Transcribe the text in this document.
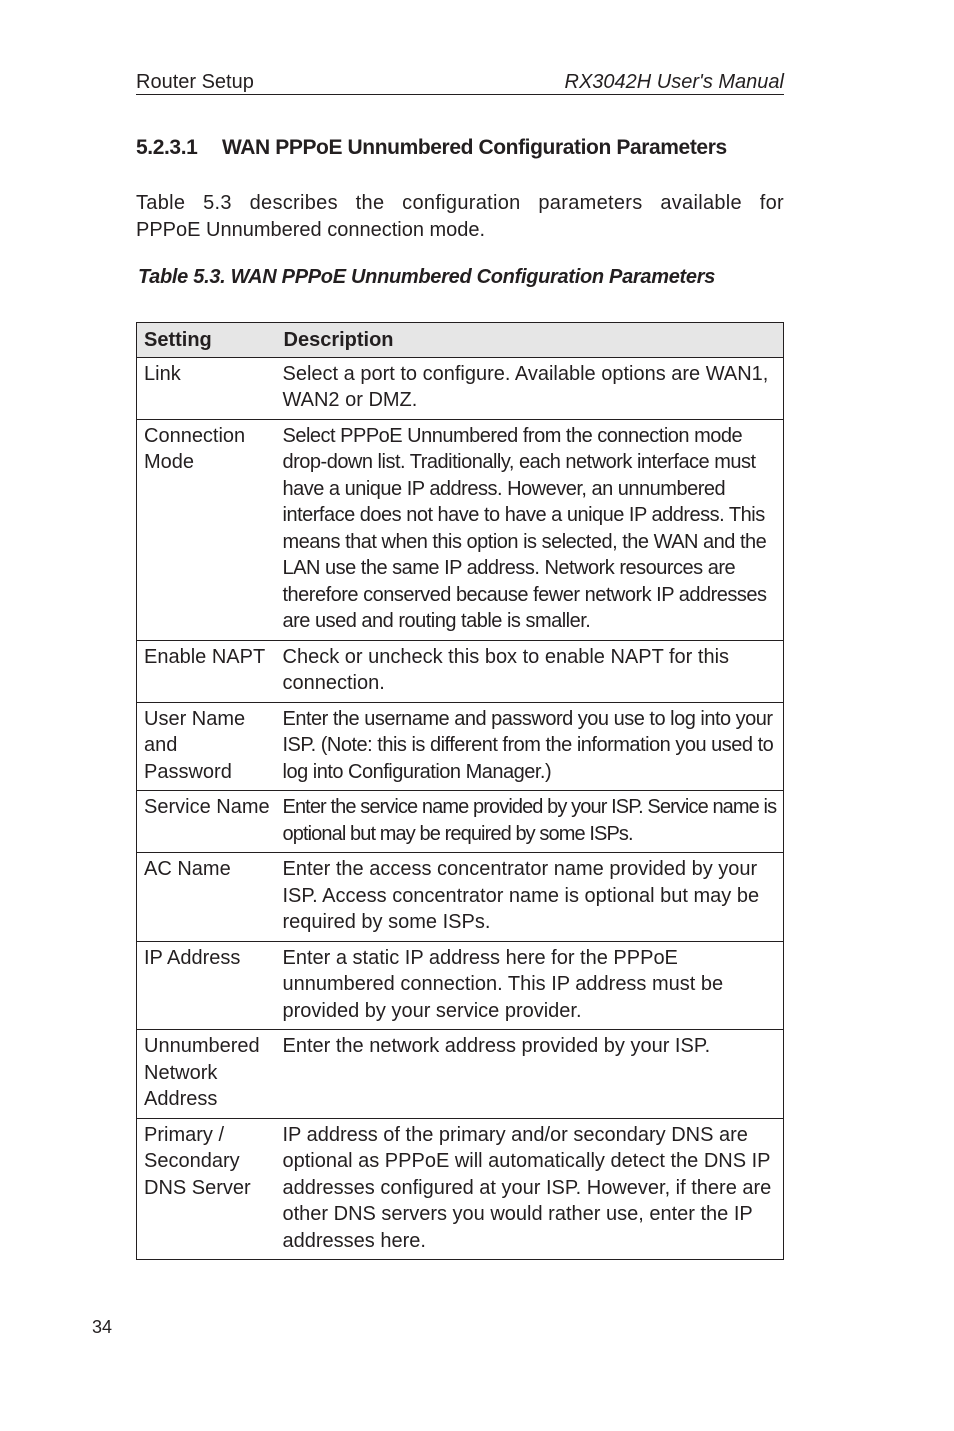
Router Setup	RX3042H User's Manual
5.2.3.1 WAN PPPoE Unnumbered Configuration Parameters
Table 5.3 describes the configuration parameters available for
PPPoE Unnumbered connection mode.
Table 5.3. WAN PPPoE Unnumbered Configuration Parameters
Setting	Description
Link	Select a port to configure. Available options are WAN1, WAN2 or DMZ.
Connection Mode	Select PPPoE Unnumbered from the connection mode drop-down list. Traditionally, each network interface must have a unique IP address. However, an unnumbered interface does not have to have a unique IP address. This means that when this option is selected, the WAN and the LAN use the same IP address. Network resources are therefore conserved because fewer network IP addresses are used and routing table is smaller.
Enable NAPT	Check or uncheck this box to enable NAPT for this connection.
User Name and Password	Enter the username and password you use to log into your ISP. (Note: this is different from the information you used to log into Configuration Manager.)
Service Name	Enter the service name provided by your ISP. Service name is optional but may be required by some ISPs.
AC Name	Enter the access concentrator name provided by your ISP. Access concentrator name is optional but may be required by some ISPs.
IP Address	Enter a static IP address here for the PPPoE unnumbered connection. This IP address must be provided by your service provider.
Unnumbered Network Address	Enter the network address provided by your ISP.
Primary / Secondary DNS Server	IP address of the primary and/or secondary DNS are optional as PPPoE will automatically detect the DNS IP addresses configured at your ISP. However, if there are other DNS servers you would rather use, enter the IP addresses here.
34
